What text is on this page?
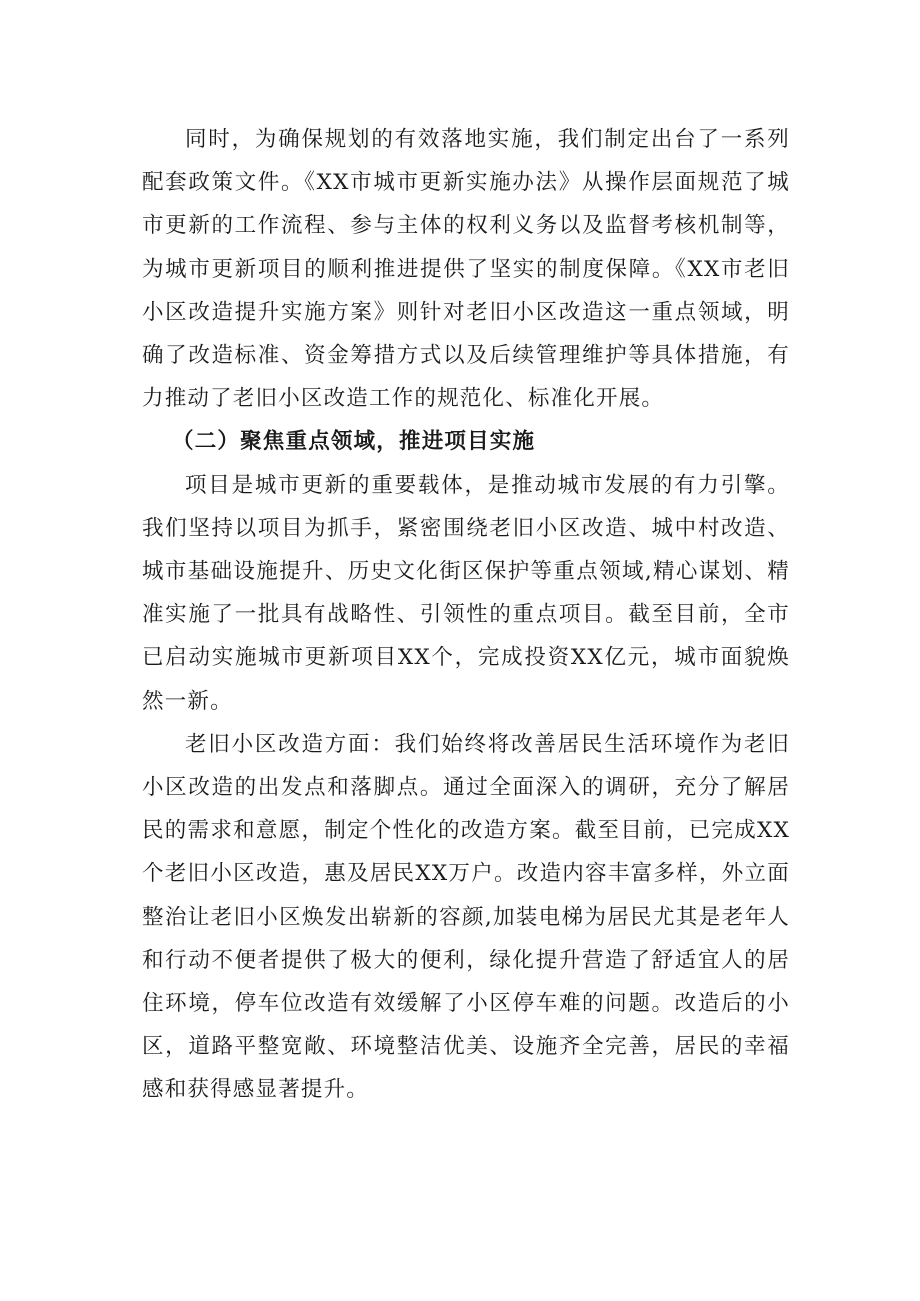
同时，为确保规划的有效落地实施，我们制定出台了一系列配套政策文件。《XX市城市更新实施办法》从操作层面规范了城市更新的工作流程、参与主体的权利义务以及监督考核机制等，为城市更新项目的顺利推进提供了坚实的制度保障。《XX市老旧小区改造提升实施方案》则针对老旧小区改造这一重点领域，明确了改造标准、资金筹措方式以及后续管理维护等具体措施，有力推动了老旧小区改造工作的规范化、标准化开展。

（二）聚焦重点领域，推进项目实施

项目是城市更新的重要载体，是推动城市发展的有力引擎。我们坚持以项目为抓手，紧密围绕老旧小区改造、城中村改造、城市基础设施提升、历史文化街区保护等重点领域,精心谋划、精准实施了一批具有战略性、引领性的重点项目。截至目前，全市已启动实施城市更新项目XX个，完成投资XX亿元，城市面貌焕然一新。

老旧小区改造方面：我们始终将改善居民生活环境作为老旧小区改造的出发点和落脚点。通过全面深入的调研，充分了解居民的需求和意愿，制定个性化的改造方案。截至目前，已完成XX个老旧小区改造，惠及居民XX万户。改造内容丰富多样，外立面整治让老旧小区焕发出崭新的容颜,加装电梯为居民尤其是老年人和行动不便者提供了极大的便利，绿化提升营造了舒适宜人的居住环境，停车位改造有效缓解了小区停车难的问题。改造后的小区，道路平整宽敞、环境整洁优美、设施齐全完善，居民的幸福感和获得感显著提升。
